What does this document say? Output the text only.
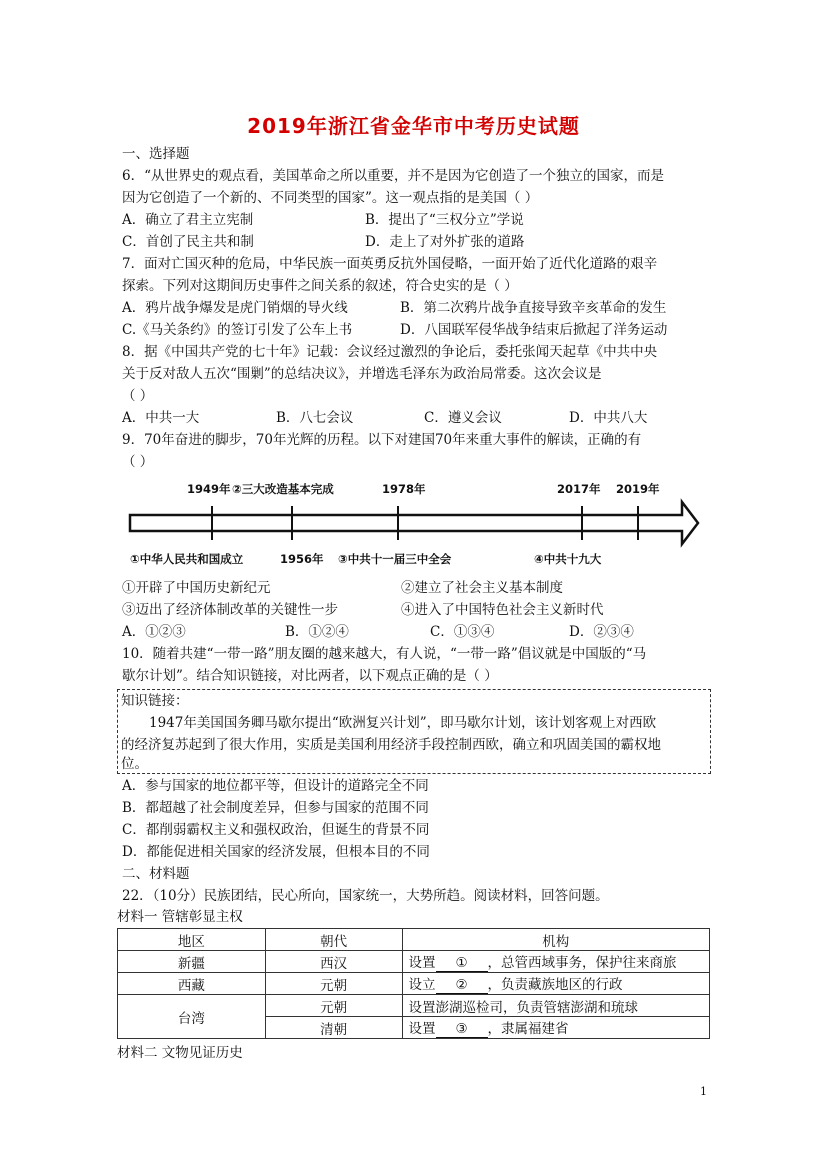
2019年浙江省金华市中考历史试题
一、选择题
6．“从世界史的观点看，美国革命之所以重要，并不是因为它创造了一个独立的国家，而是
因为它创造了一个新的、不同类型的国家”。这一观点指的是美国（ ）
A．确立了君主立宪制	B．提出了“三权分立”学说
C．首创了民主共和制	D．走上了对外扩张的道路
7．面对亡国灭种的危局，中华民族一面英勇反抗外国侵略，一面开始了近代化道路的艰辛
探索。下列对这期间历史事件之间关系的叙述，符合史实的是（ ）
A．鸦片战争爆发是虎门销烟的导火线	B．第二次鸦片战争直接导致辛亥革命的发生
C.《马关条约》的签订引发了公车上书	D．八国联军侵华战争结束后掀起了洋务运动
8．据《中国共产党的七十年》记载：会议经过激烈的争论后，委托张闻天起草《中共中央
关于反对敌人五次“围剿”的总结决议》，并增选毛泽东为政治局常委。这次会议是
（ ）
A．中共一大	B．八七会议	C．遵义会议	D．中共八大
9．70年奋进的脚步，70年光辉的历程。以下对建国70年来重大事件的解读，正确的有
（ ）
1949年 ②三大改造基本完成	1978年	2017年 2019年
①中华人民共和国成立	1956年 ③中共十一届三中全会	④中共十九大
①开辟了中国历史新纪元	②建立了社会主义基本制度
③迈出了经济体制改革的关键性一步	④进入了中国特色社会主义新时代
A．①②③	B．①②④	C．①③④	D．②③④
10．随着共建“一带一路”朋友圈的越来越大，有人说，“一带一路”倡议就是中国版的“马
歇尔计划”。结合知识链接，对比两者，以下观点正确的是（ ）
知识链接：
1947年美国国务卿马歇尔提出“欧洲复兴计划”，即马歇尔计划，该计划客观上对西欧
的经济复苏起到了很大作用，实质是美国利用经济手段控制西欧，确立和巩固美国的霸权地
位。
A．参与国家的地位都平等，但设计的道路完全不同
B．都超越了社会制度差异，但参与国家的范围不同
C．都削弱霸权主义和强权政治，但诞生的背景不同
D．都能促进相关国家的经济发展，但根本目的不同
二、材料题
22．（10分）民族团结，民心所向，国家统一，大势所趋。阅读材料，回答问题。
材料一 管辖彰显主权
地区	朝代	机构
新疆	西汉	设置 ① ，总管西域事务，保护往来商旅
西藏	元朝	设立 ② ，负责藏族地区的行政
台湾	元朝	设置澎湖巡检司，负责管辖澎湖和琉球
	清朝	设置 ③ ，隶属福建省
材料二 文物见证历史
1
